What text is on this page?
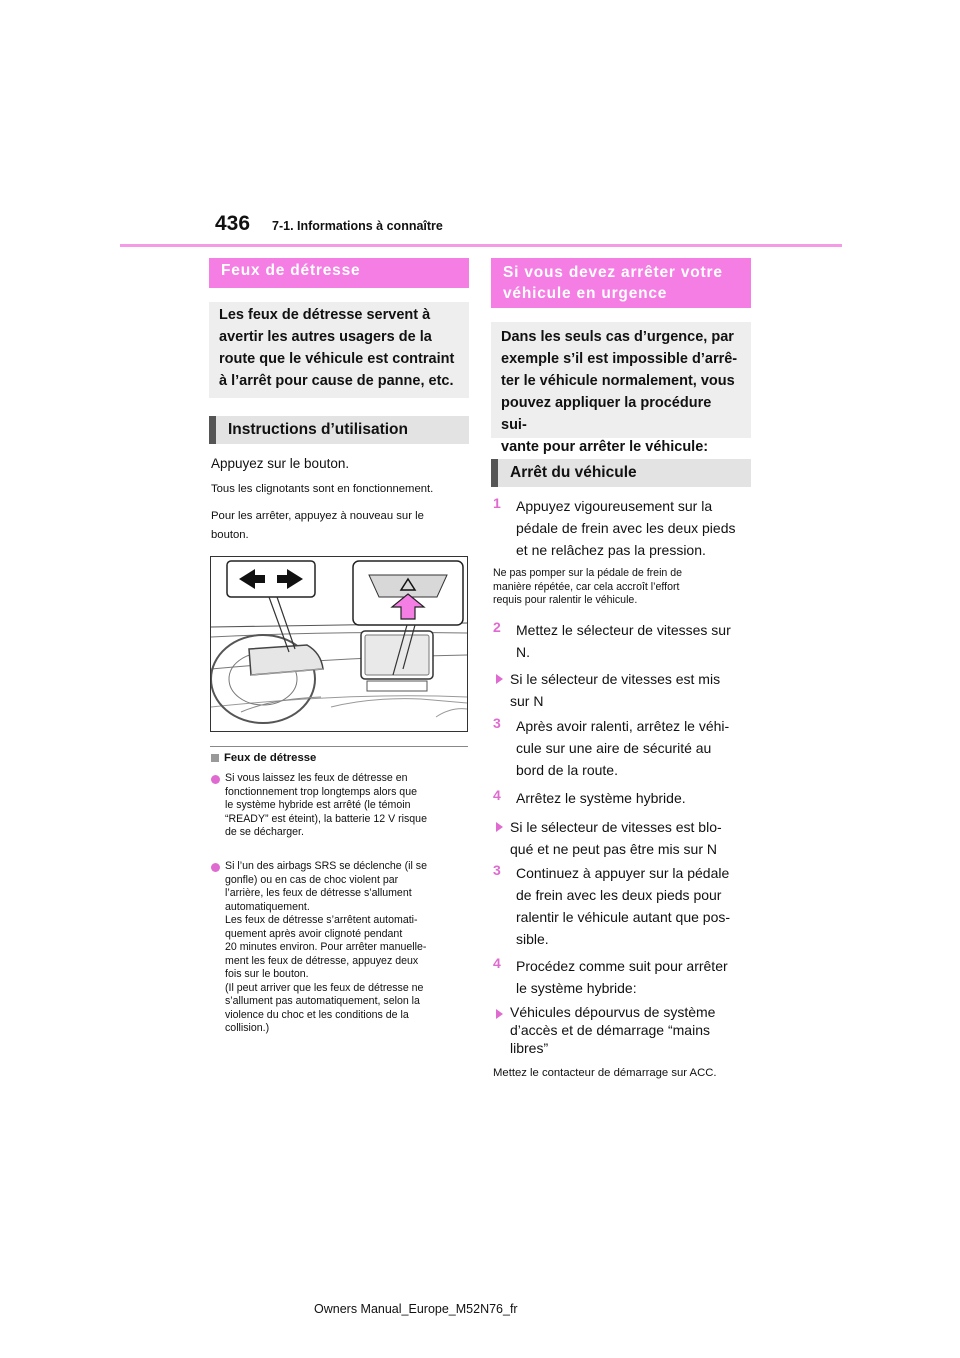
436 7-1. Informations à connaître
Feux de détresse
Les feux de détresse servent à
avertir les autres usagers de la
route que le véhicule est contraint
à l’arrêt pour cause de panne, etc.
Instructions d’utilisation
Appuyez sur le bouton.
Tous les clignotants sont en fonctionnement.
Pour les arrêter, appuyez à nouveau sur le
bouton.
Feux de détresse
Si vous laissez les feux de détresse en
fonctionnement trop longtemps alors que
le système hybride est arrêté (le témoin
“READY” est éteint), la batterie 12 V risque
de se décharger.
Si l’un des airbags SRS se déclenche (il se
gonfle) ou en cas de choc violent par
l’arrière, les feux de détresse s’allument
automatiquement.
Les feux de détresse s’arrêtent automati-
quement après avoir clignoté pendant
20 minutes environ. Pour arrêter manuelle-
ment les feux de détresse, appuyez deux
fois sur le bouton.
(Il peut arriver que les feux de détresse ne
s’allument pas automatiquement, selon la
violence du choc et les conditions de la
collision.)
Si vous devez arrêter votre
véhicule en urgence
Dans les seuls cas d’urgence, par
exemple s’il est impossible d’arrê-
ter le véhicule normalement, vous
pouvez appliquer la procédure sui-
vante pour arrêter le véhicule:
Arrêt du véhicule
1 Appuyez vigoureusement sur la
pédale de frein avec les deux pieds
et ne relâchez pas la pression.
Ne pas pomper sur la pédale de frein de
manière répétée, car cela accroît l’effort
requis pour ralentir le véhicule.
2 Mettez le sélecteur de vitesses sur
N.
Si le sélecteur de vitesses est mis
sur N
3 Après avoir ralenti, arrêtez le véhi-
cule sur une aire de sécurité au
bord de la route.
4 Arrêtez le système hybride.
Si le sélecteur de vitesses est blo-
qué et ne peut pas être mis sur N
3 Continuez à appuyer sur la pédale
de frein avec les deux pieds pour
ralentir le véhicule autant que pos-
sible.
4 Procédez comme suit pour arrêter
le système hybride:
Véhicules dépourvus de système
d’accès et de démarrage “mains
libres”
Mettez le contacteur de démarrage sur ACC.
Owners Manual_Europe_M52N76_fr
